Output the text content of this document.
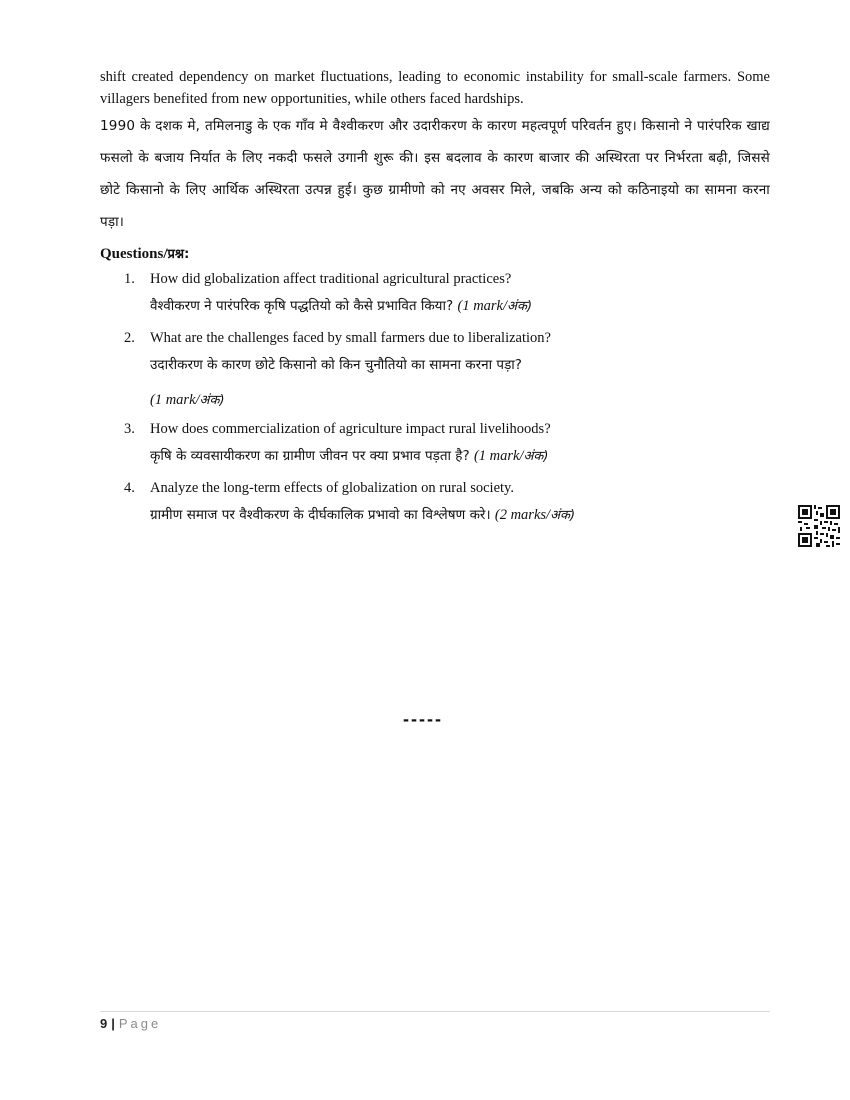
shift created dependency on market fluctuations, leading to economic instability for small-scale farmers. Some villagers benefited from new opportunities, while others faced hardships.

1990 के दशक मे, तमिलनाडु के एक गाँव मे वैश्वीकरण और उदारीकरण के कारण महत्वपूर्ण परिवर्तन हुए। किसानो ने पारंपरिक खाद्य फसलो के बजाय निर्यात के लिए नकदी फसले उगानी शुरू की। इस बदलाव के कारण बाजार की अस्थिरता पर निर्भरता बढ़ी, जिससे छोटे किसानो के लिए आर्थिक अस्थिरता उत्पन्न हुई। कुछ ग्रामीणो को नए अवसर मिले, जबकि अन्य को कठिनाइयो का सामना करना पड़ा।

Questions/प्रश्न:
1. How did globalization affect traditional agricultural practices?
वैश्वीकरण ने पारंपरिक कृषि पद्धतियो को कैसे प्रभावित किया? (1 mark/अंक)
2. What are the challenges faced by small farmers due to liberalization?
उदारीकरण के कारण छोटे किसानो को किन चुनौतियो का सामना करना पड़ा?
(1 mark/अंक)
3. How does commercialization of agriculture impact rural livelihoods?
कृषि के व्यवसायीकरण का ग्रामीण जीवन पर क्या प्रभाव पड़ता है? (1 mark/अंक)
4. Analyze the long-term effects of globalization on rural society.
ग्रामीण समाज पर वैश्वीकरण के दीर्घकालिक प्रभावो का विश्लेषण करे। (2 marks/अंक)
-----
9 | Page
